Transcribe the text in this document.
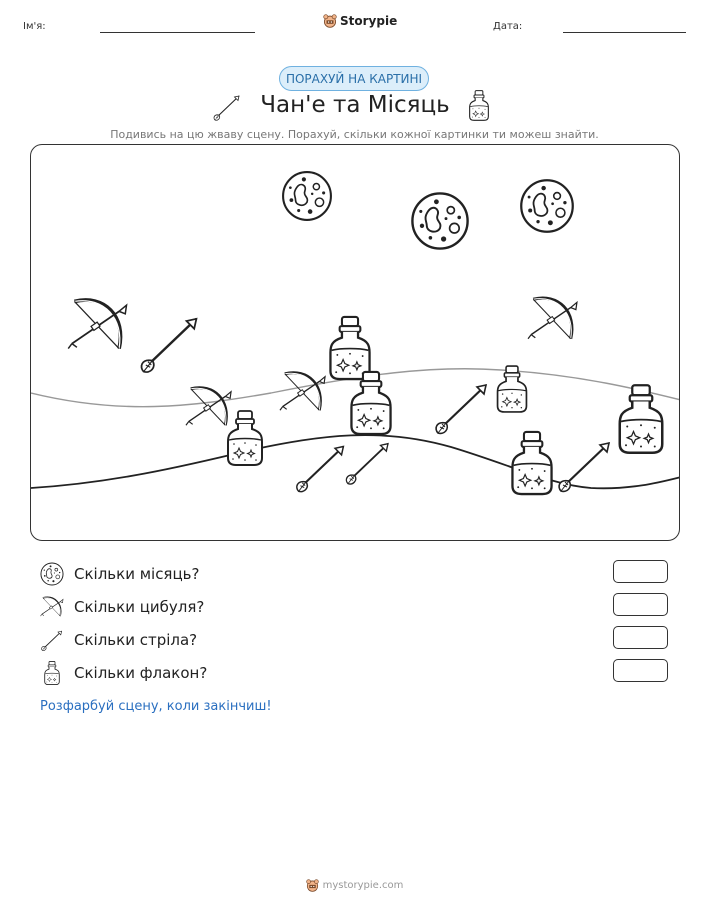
Ім'я:	Storypie	Дата:
ПОРАХУЙ НА КАРТИНІ
Чан'е та Місяць
Подивись на цю жваву сцену. Порахуй, скільки кожної картинки ти можеш знайти.
Скільки місяць?
Скільки цибуля?
Скільки стріла?
Скільки флакон?
Розфарбуй сцену, коли закінчиш!
mystorypie.com
